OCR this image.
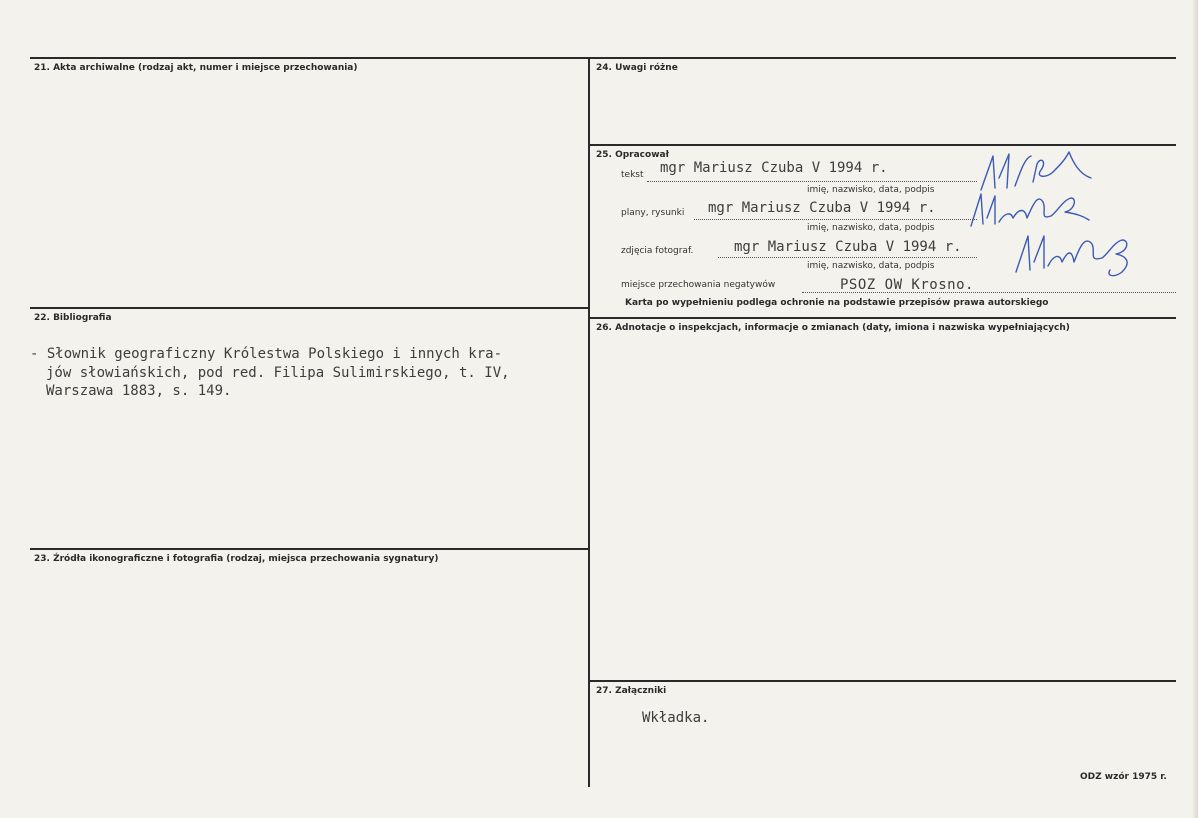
21. Akta archiwalne (rodzaj akt, numer i miejsce przechowania)
22. Bibliografia
- Słownik geograficzny Królestwa Polskiego i innych kra-
jów słowiańskich, pod red. Filipa Sulimirskiego, t. IV,
Warszawa 1883, s. 149.
23. Źródła ikonograficzne i fotografia (rodzaj, miejsca przechowania sygnatury)
24. Uwagi różne
25. Opracował
tekst mgr Mariusz Czuba V 1994 r.
imię, nazwisko, data, podpis
plany, rysunki mgr Mariusz Czuba V 1994 r.
imię, nazwisko, data, podpis
zdjęcia fotograf.	mgr Mariusz Czuba V 1994 r.
imię, nazwisko, data, podpis
miejsce przechowania negatywów	PSOZ OW Krosno.
Karta po wypełnieniu podlega ochronie na podstawie przepisów prawa autorskiego
26. Adnotacje o inspekcjach, informacje o zmianach (daty, imiona i nazwiska wypełniających)
27. Załączniki
Wkładka.
ODZ wzór 1975 r.
